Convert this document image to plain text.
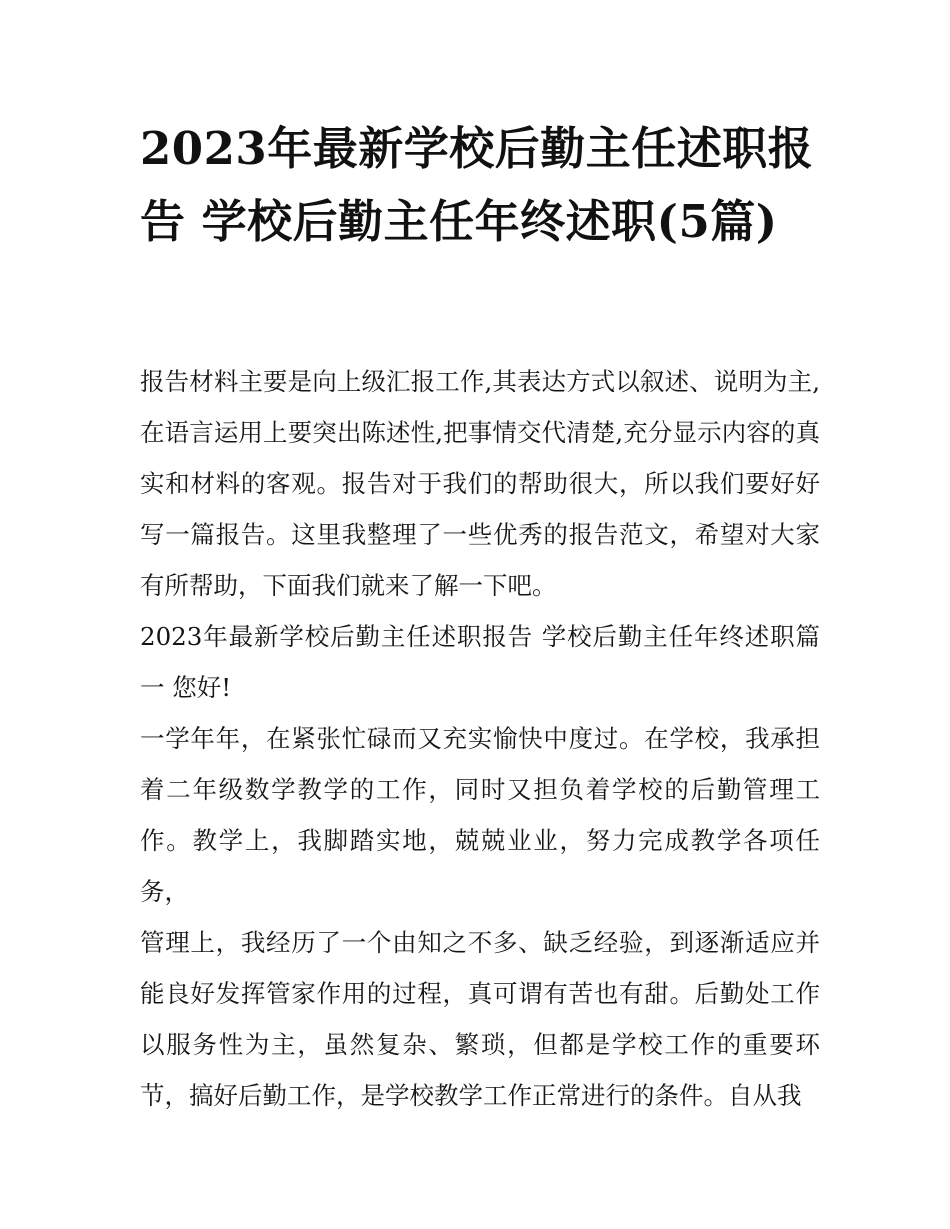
2023年最新学校后勤主任述职报告 学校后勤主任年终述职(5篇)

报告材料主要是向上级汇报工作,其表达方式以叙述、说明为主,在语言运用上要突出陈述性,把事情交代清楚,充分显示内容的真实和材料的客观。报告对于我们的帮助很大，所以我们要好好写一篇报告。这里我整理了一些优秀的报告范文，希望对大家有所帮助，下面我们就来了解一下吧。

2023年最新学校后勤主任述职报告 学校后勤主任年终述职篇一 您好!

一学年年，在紧张忙碌而又充实愉快中度过。在学校，我承担着二年级数学教学的工作，同时又担负着学校的后勤管理工作。教学上，我脚踏实地，兢兢业业，努力完成教学各项任务，

管理上，我经历了一个由知之不多、缺乏经验，到逐渐适应并能良好发挥管家作用的过程，真可谓有苦也有甜。后勤处工作以服务性为主，虽然复杂、繁琐，但都是学校工作的重要环节，搞好后勤工作，是学校教学工作正常进行的条件。自从我
